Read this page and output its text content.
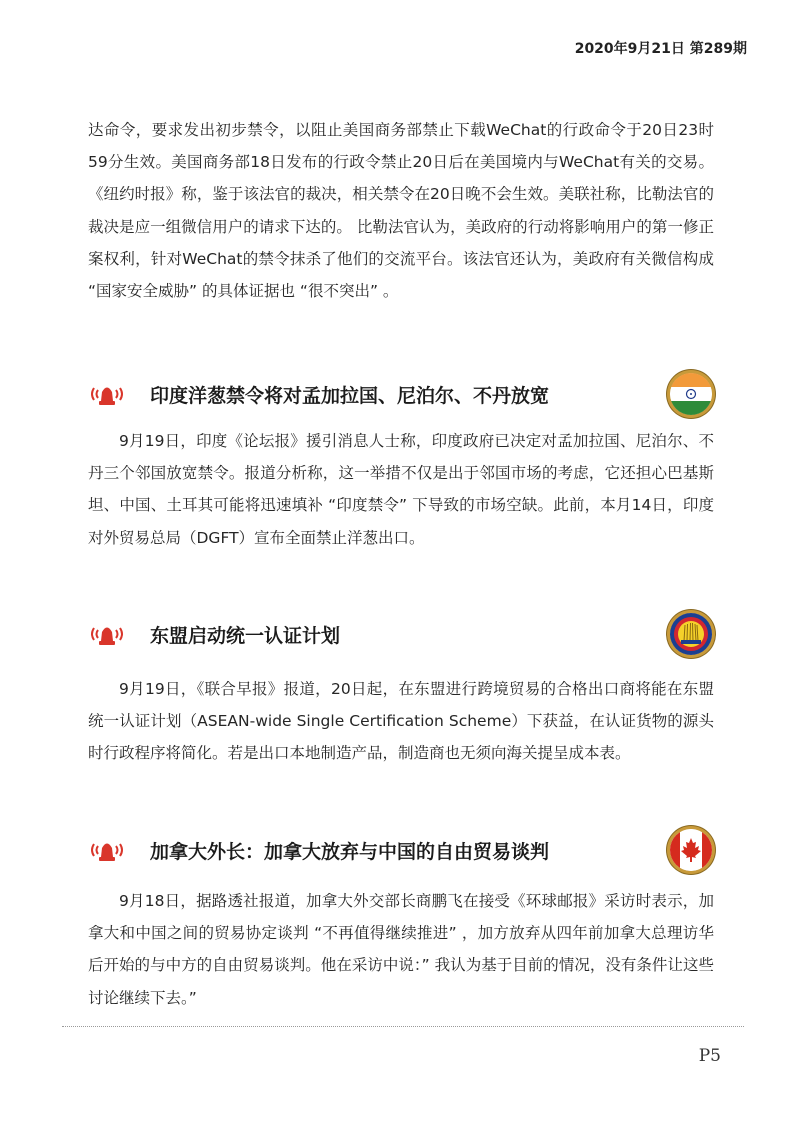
2020年9月21日 第289期

达命令，要求发出初步禁令，以阻止美国商务部禁止下载WeChat的行政命令于20日23时59分生效。美国商务部18日发布的行政令禁止20日后在美国境内与WeChat有关的交易。《纽约时报》称，鉴于该法官的裁决，相关禁令在20日晚不会生效。美联社称，比勒法官的裁决是应一组微信用户的请求下达的。 比勒法官认为，美政府的行动将影响用户的第一修正案权利，针对WeChat的禁令抹杀了他们的交流平台。该法官还认为，美政府有关微信构成 “国家安全威胁” 的具体证据也 “很不突出” 。

印度洋葱禁令将对孟加拉国、尼泊尔、不丹放宽

9月19日，印度《论坛报》援引消息人士称，印度政府已决定对孟加拉国、尼泊尔、不丹三个邻国放宽禁令。报道分析称，这一举措不仅是出于邻国市场的考虑，它还担心巴基斯坦、中国、土耳其可能将迅速填补 “印度禁令” 下导致的市场空缺。此前，本月14日，印度对外贸易总局（DGFT）宣布全面禁止洋葱出口。

东盟启动统一认证计划

9月19日，《联合早报》报道，20日起，在东盟进行跨境贸易的合格出口商将能在东盟统一认证计划（ASEAN-wide Single Certification Scheme）下获益，在认证货物的源头时行政程序将简化。若是出口本地制造产品，制造商也无须向海关提呈成本表。

加拿大外长：加拿大放弃与中国的自由贸易谈判

9月18日，据路透社报道，加拿大外交部长商鹏飞在接受《环球邮报》采访时表示，加拿大和中国之间的贸易协定谈判 “不再值得继续推进” ，加方放弃从四年前加拿大总理访华后开始的与中方的自由贸易谈判。他在采访中说：” 我认为基于目前的情况，没有条件让这些讨论继续下去。”

P5
